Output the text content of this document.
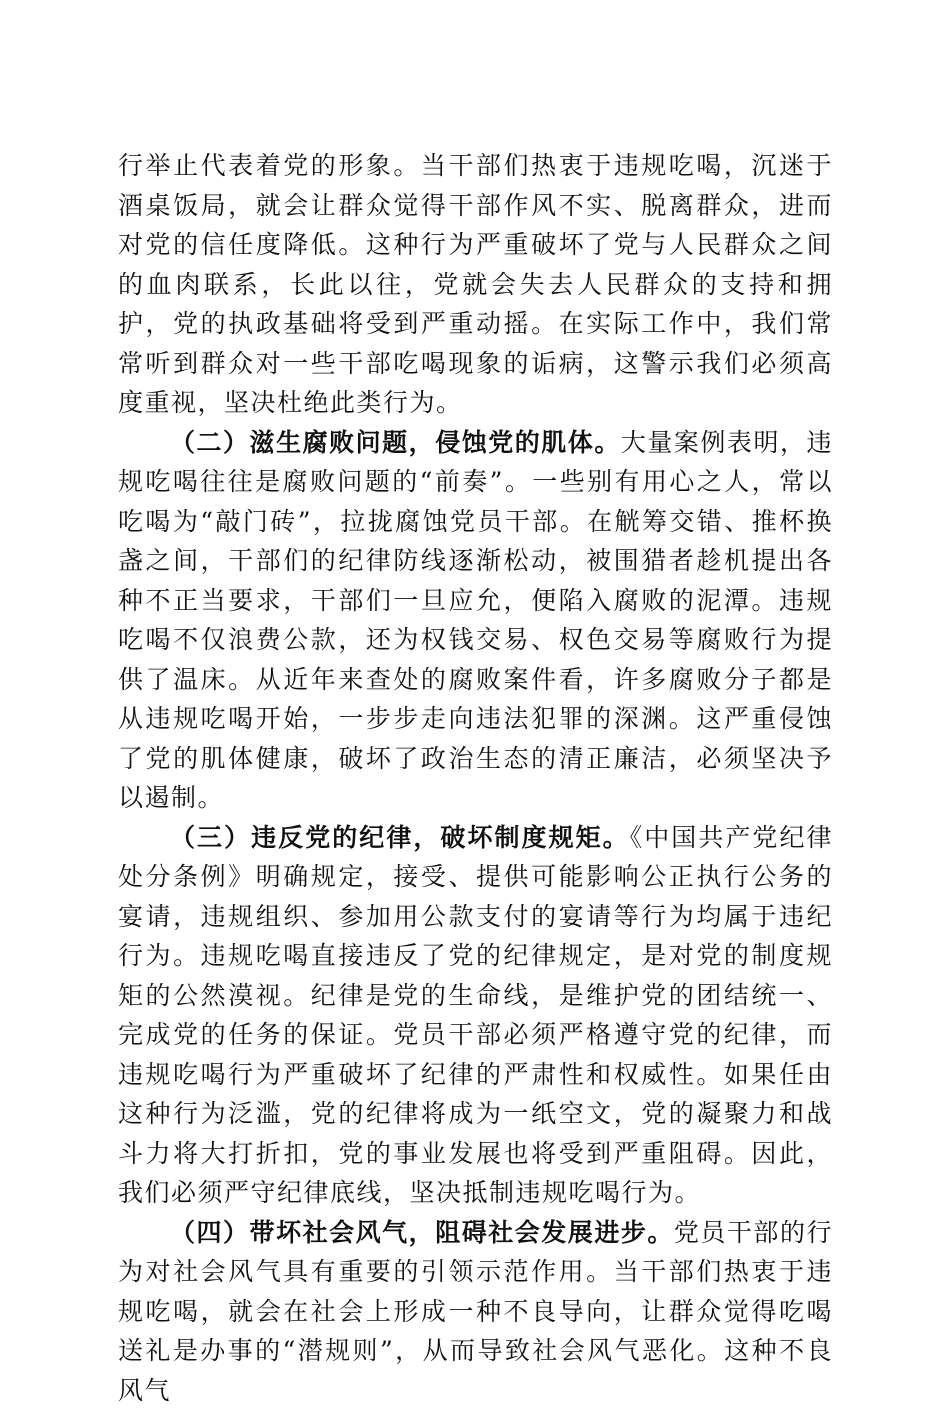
行举止代表着党的形象。当干部们热衷于违规吃喝，沉迷于酒桌饭局，就会让群众觉得干部作风不实、脱离群众，进而对党的信任度降低。这种行为严重破坏了党与人民群众之间的血肉联系，长此以往，党就会失去人民群众的支持和拥护，党的执政基础将受到严重动摇。在实际工作中，我们常常听到群众对一些干部吃喝现象的诟病，这警示我们必须高度重视，坚决杜绝此类行为。

（二）滋生腐败问题，侵蚀党的肌体。大量案例表明，违规吃喝往往是腐败问题的“前奏”。一些别有用心之人，常以吃喝为“敲门砖”，拉拢腐蚀党员干部。在觥筹交错、推杯换盏之间，干部们的纪律防线逐渐松动，被围猎者趁机提出各种不正当要求，干部们一旦应允，便陷入腐败的泥潭。违规吃喝不仅浪费公款，还为权钱交易、权色交易等腐败行为提供了温床。从近年来查处的腐败案件看，许多腐败分子都是从违规吃喝开始，一步步走向违法犯罪的深渊。这严重侵蚀了党的肌体健康，破坏了政治生态的清正廉洁，必须坚决予以遏制。

（三）违反党的纪律，破坏制度规矩。《中国共产党纪律处分条例》明确规定，接受、提供可能影响公正执行公务的宴请，违规组织、参加用公款支付的宴请等行为均属于违纪行为。违规吃喝直接违反了党的纪律规定，是对党的制度规矩的公然漠视。纪律是党的生命线，是维护党的团结统一、完成党的任务的保证。党员干部必须严格遵守党的纪律，而违规吃喝行为严重破坏了纪律的严肃性和权威性。如果任由这种行为泛滥，党的纪律将成为一纸空文，党的凝聚力和战斗力将大打折扣，党的事业发展也将受到严重阻碍。因此，我们必须严守纪律底线，坚决抵制违规吃喝行为。

（四）带坏社会风气，阻碍社会发展进步。党员干部的行为对社会风气具有重要的引领示范作用。当干部们热衷于违规吃喝，就会在社会上形成一种不良导向，让群众觉得吃喝送礼是办事的“潜规则”，从而导致社会风气恶化。这种不良风气
